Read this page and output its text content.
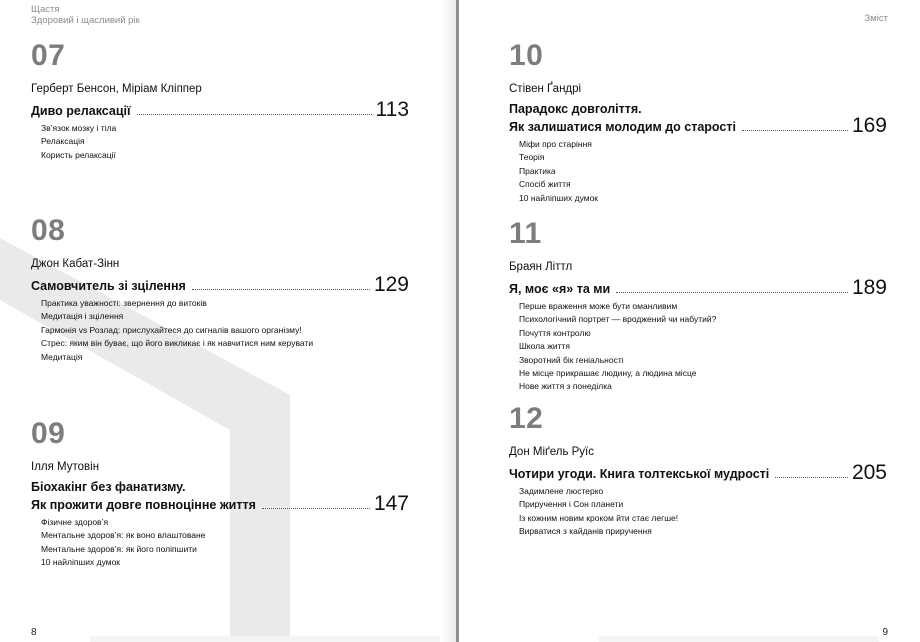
Щастя
Здоровий і щасливий рік
07
Герберт Бенсон, Міріам Кліппер
Диво релаксації	113
Зв’язок мозку і тіла
Релаксація
Користь релаксації
08
Джон Кабат-Зінн
Самовчитель зі зцілення	129
Практика уважності: звернення до витоків
Медитація і зцілення
Гармонія vs Розлад: прислухайтеся до сигналів вашого організму!
Стрес: яким він буває, що його викликає і як навчитися ним керувати
Медитація
09
Ілля Мутовін
Біохакінг без фанатизму.
Як прожити довге повноцінне життя	147
Фізичне здоров’я
Ментальне здоров’я: як воно влаштоване
Ментальне здоров’я: як його поліпшити
10 найліпших думок
8
Зміст
10
Стівен Ґандрі
Парадокс довголіття.
Як залишатися молодим до старості	169
Міфи про старіння
Теорія
Практика
Спосіб життя
10 найліпших думок
11
Браян Літтл
Я, моє «я» та ми	189
Перше враження може бути оманливим
Психологічний портрет — вроджений чи набутий?
Почуття контролю
Школа життя
Зворотний бік геніальності
Не місце прикрашає людину, а людина місце
Нове життя з понеділка
12
Дон Міґель Руїс
Чотири угоди. Книга толтекської мудрості	205
Задимлене люстерко
Приручення і Сон планети
Із кожним новим кроком йти стає легше!
Вирватися з кайданів приручення
9
